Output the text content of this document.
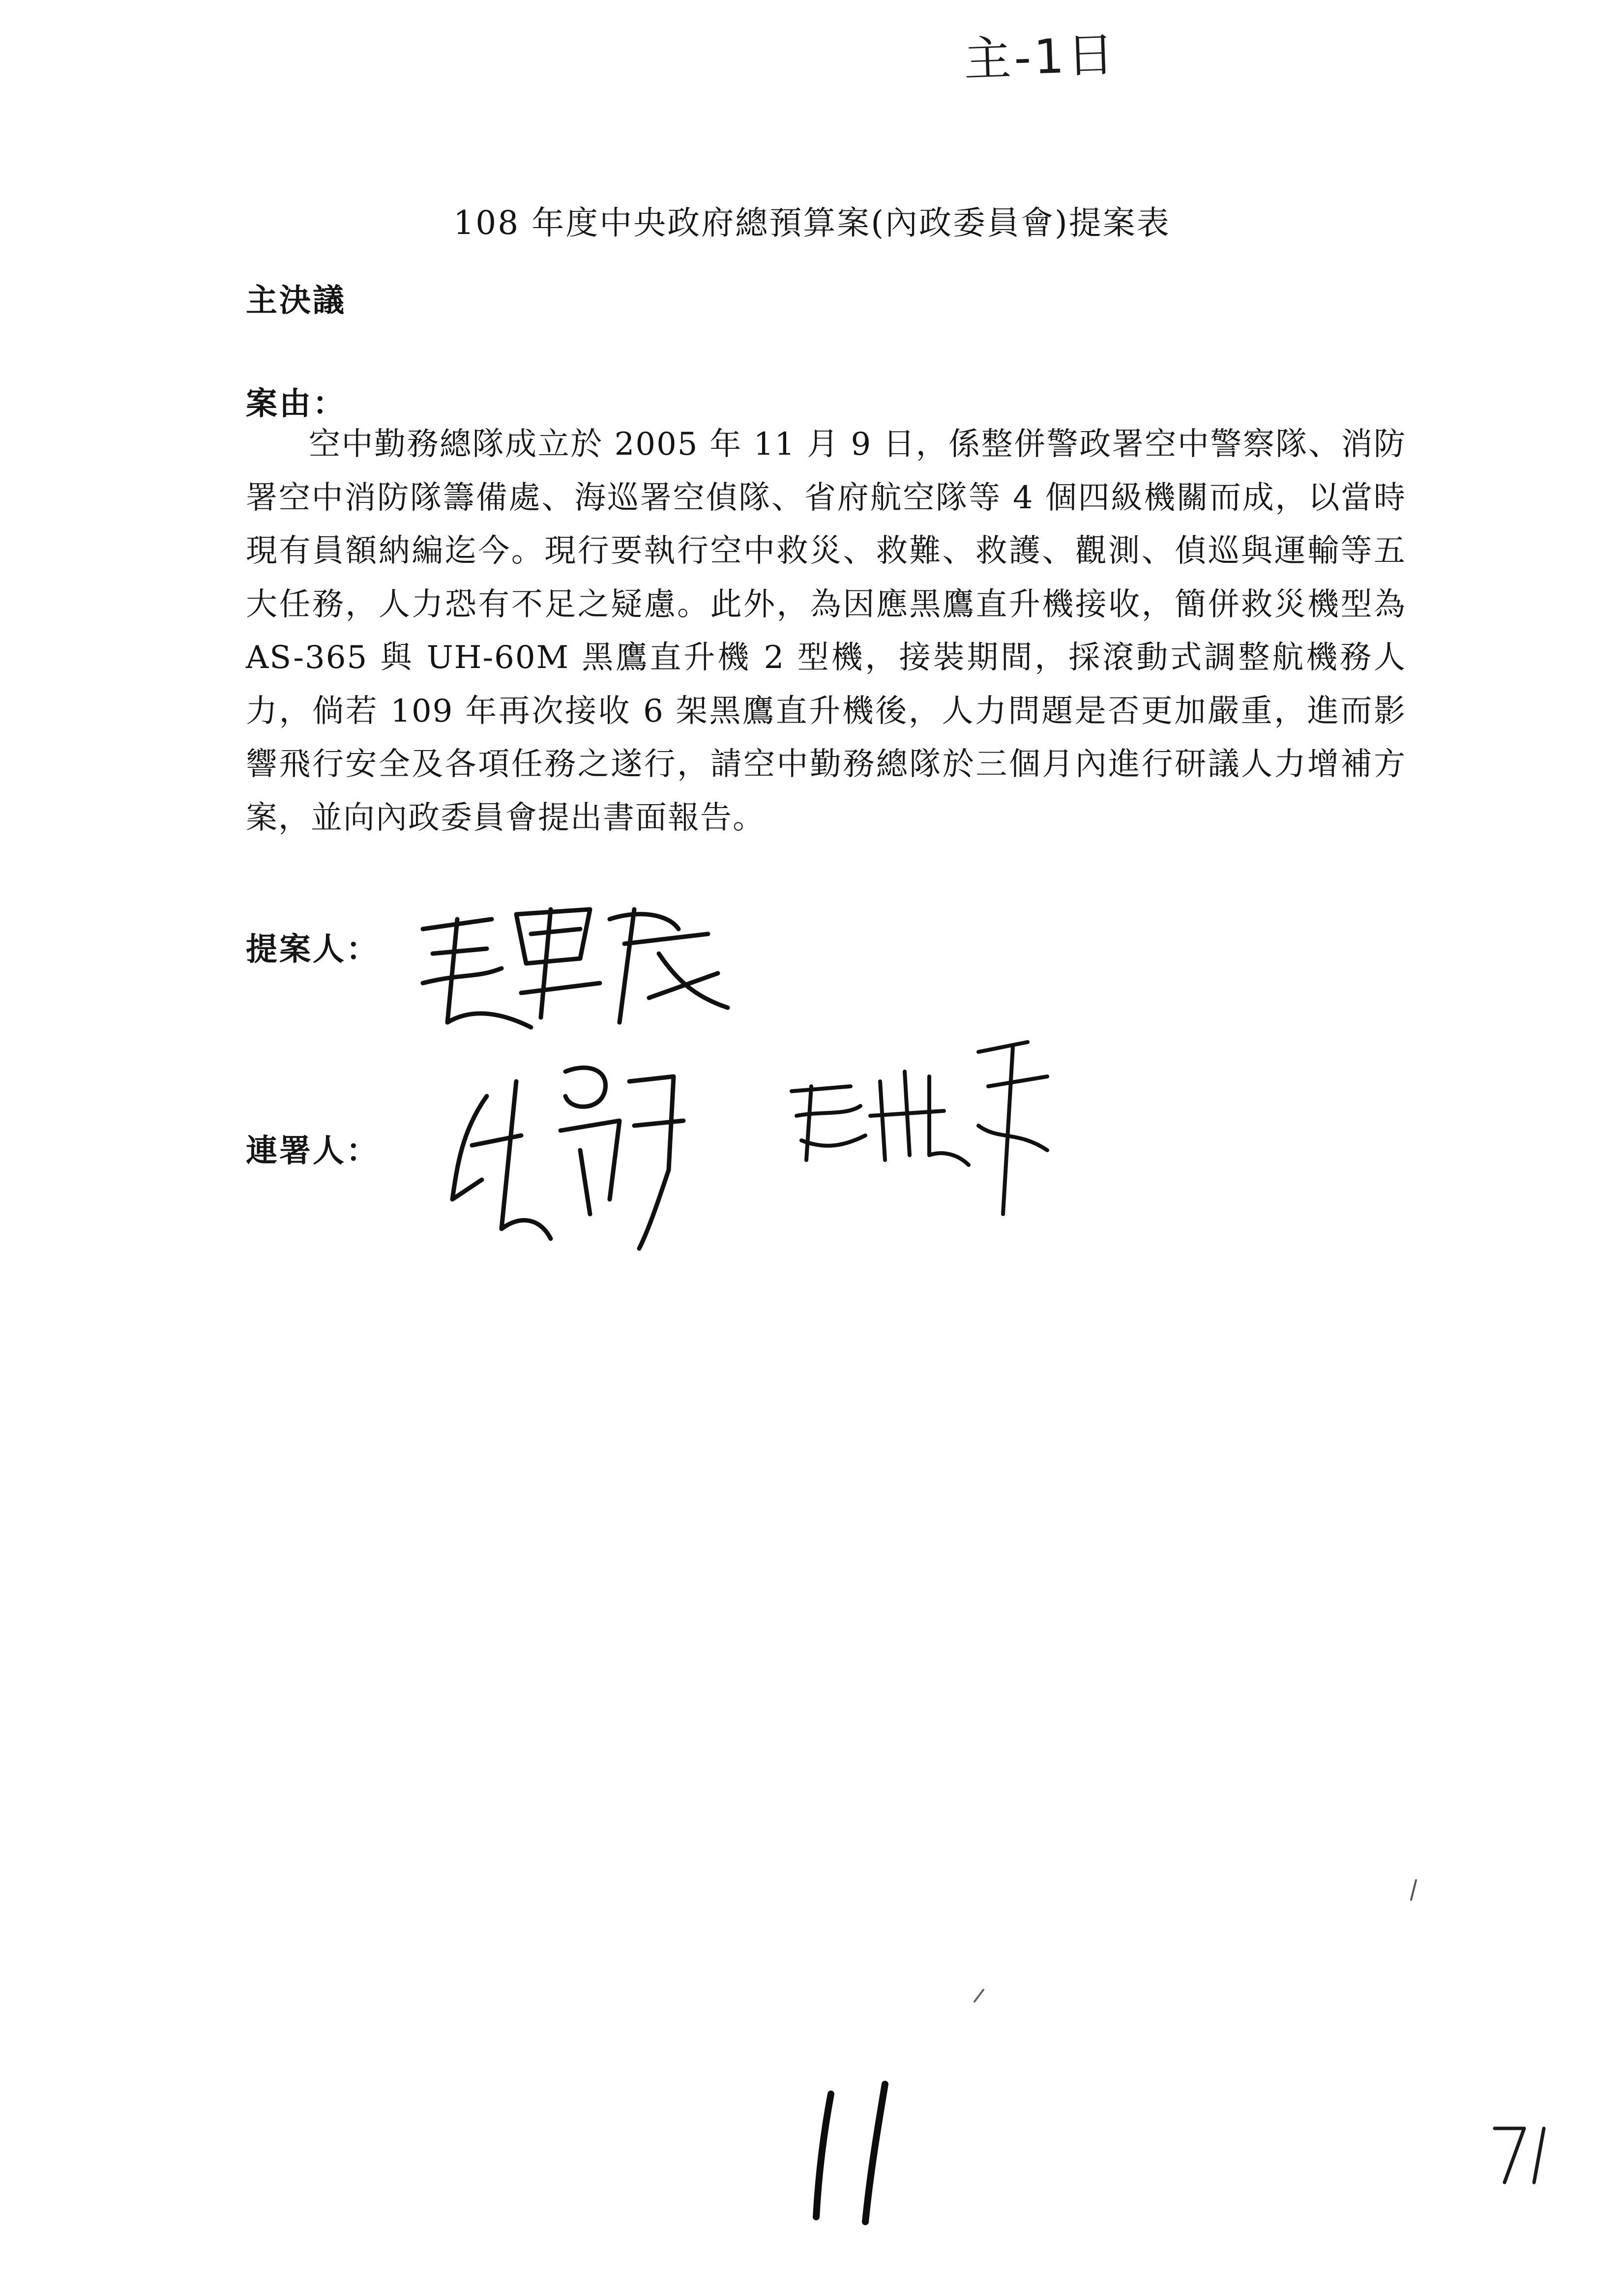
主-1日
108 年度中央政府總預算案(內政委員會)提案表
主決議
案由：
空中勤務總隊成立於 2005 年 11 月 9 日，係整併警政署空中警察隊、消防署空中消防隊籌備處、海巡署空偵隊、省府航空隊等 4 個四級機關而成，以當時現有員額納編迄今。現行要執行空中救災、救難、救護、觀測、偵巡與運輸等五大任務，人力恐有不足之疑慮。此外，為因應黑鷹直升機接收，簡併救災機型為 AS-365 與 UH-60M 黑鷹直升機 2 型機，接裝期間，採滾動式調整航機務人力，倘若 109 年再次接收 6 架黑鷹直升機後，人力問題是否更加嚴重，進而影響飛行安全及各項任務之遂行，請空中勤務總隊於三個月內進行研議人力增補方案，並向內政委員會提出書面報告。
提案人：
連署人：
